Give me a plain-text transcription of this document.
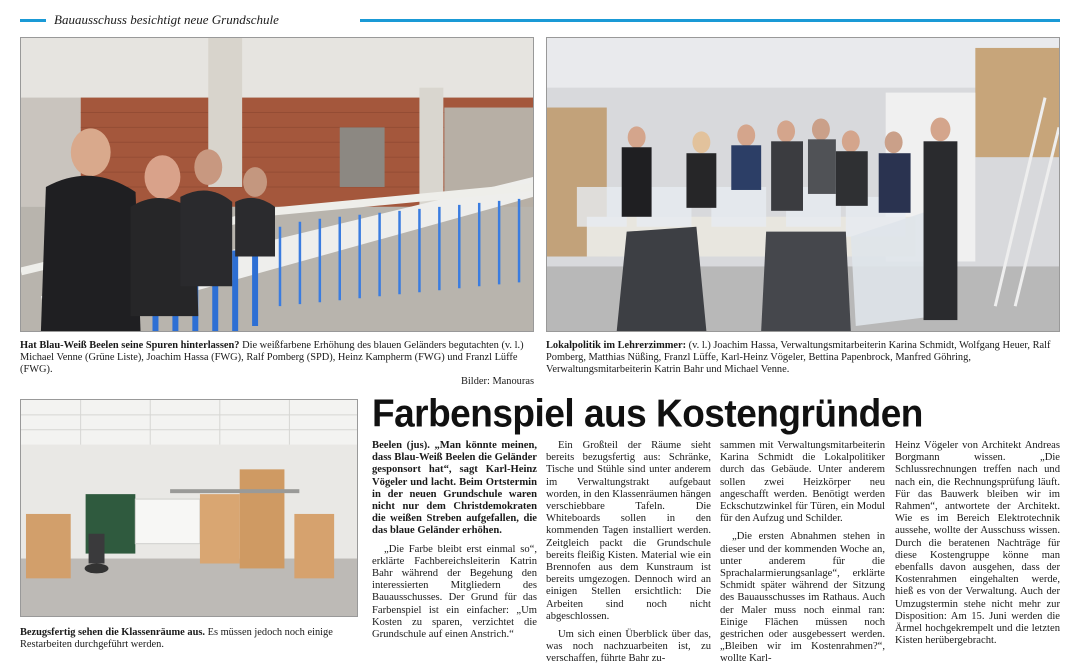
Bauausschuss besichtigt neue Grundschule
Hat Blau-Weiß Beelen seine Spuren hinterlassen? Die weißfarbene Erhöhung des blauen Geländers begutachten (v. l.) Michael Venne (Grüne Liste), Joachim Hassa (FWG), Ralf Pomberg (SPD), Heinz Kampherm (FWG) und Franzl Lüffe (FWG).
Bilder: Manouras
Lokalpolitik im Lehrerzimmer: (v. l.) Joachim Hassa, Verwaltungsmitarbeiterin Karina Schmidt, Wolfgang Heuer, Ralf Pomberg, Matthias Nüßing, Franzl Lüffe, Karl-Heinz Vögeler, Bettina Papenbrock, Manfred Göhring, Verwaltungsmitarbeiterin Katrin Bahr und Michael Venne.
Bezugsfertig sehen die Klassenräume aus. Es müssen jedoch noch einige Restarbeiten durchgeführt werden.
Farbenspiel aus Kostengründen

Beelen (jus). „Man könnte meinen, dass Blau-Weiß Beelen die Geländer gesponsort hat“, sagt Karl-Heinz Vögeler und lacht. Beim Ortstermin in der neuen Grundschule waren nicht nur dem Christdemokraten die weißen Streben aufgefallen, die das blaue Geländer erhöhen.

„Die Farbe bleibt erst einmal so“, erklärte Fachbereichsleiterin Katrin Bahr während der Begehung den interessierten Mitgliedern des Bauausschusses. Der Grund für das Farbenspiel ist ein einfacher: „Um Kosten zu sparen, verzichtet die Grundschule auf einen Anstrich.“

Ein Großteil der Räume sieht bereits bezugsfertig aus: Schränke, Tische und Stühle sind unter anderem im Verwaltungstrakt aufgebaut worden, in den Klassenräumen hängen verschiebbare Tafeln. Die Whiteboards sollen in den kommenden Tagen installiert werden. Zeitgleich packt die Grundschule bereits fleißig Kisten. Material wie ein Brennofen aus dem Kunstraum ist bereits umgezogen. Dennoch wird an einigen Stellen ersichtlich: Die Arbeiten sind noch nicht abgeschlossen.

Um sich einen Überblick über das, was noch nachzuarbeiten ist, zu verschaffen, führte Bahr zu-

sammen mit Verwaltungsmitarbeiterin Karina Schmidt die Lokalpolitiker durch das Gebäude. Unter anderem sollen zwei Heizkörper neu angeschafft werden. Benötigt werden Eckschutzwinkel für Türen, ein Modul für den Aufzug und Schilder.

„Die ersten Abnahmen stehen in dieser und der kommenden Woche an, unter anderem für die Sprachalarmierungsanlage“, erklärte Schmidt später während der Sitzung des Bauausschusses im Rathaus. Auch der Maler muss noch einmal ran: Einige Flächen müssen noch gestrichen oder ausgebessert werden. „Bleiben wir im Kostenrahmen?“, wollte Karl-

Heinz Vögeler von Architekt Andreas Borgmann wissen. „Die Schlussrechnungen treffen nach und nach ein, die Rechnungsprüfung läuft. Für das Bauwerk bleiben wir im Rahmen“, antwortete der Architekt. Wie es im Bereich Elektrotechnik aussehe, wollte der Ausschuss wissen. Durch die beratenen Nachträge für diese Kostengruppe könne man ebenfalls davon ausgehen, dass der Kostenrahmen eingehalten werde, hieß es von der Verwaltung. Auch der Umzugstermin stehe nicht mehr zur Disposition: Am 15. Juni werden die Ärmel hochgekrempelt und die letzten Kisten herübergebracht.
